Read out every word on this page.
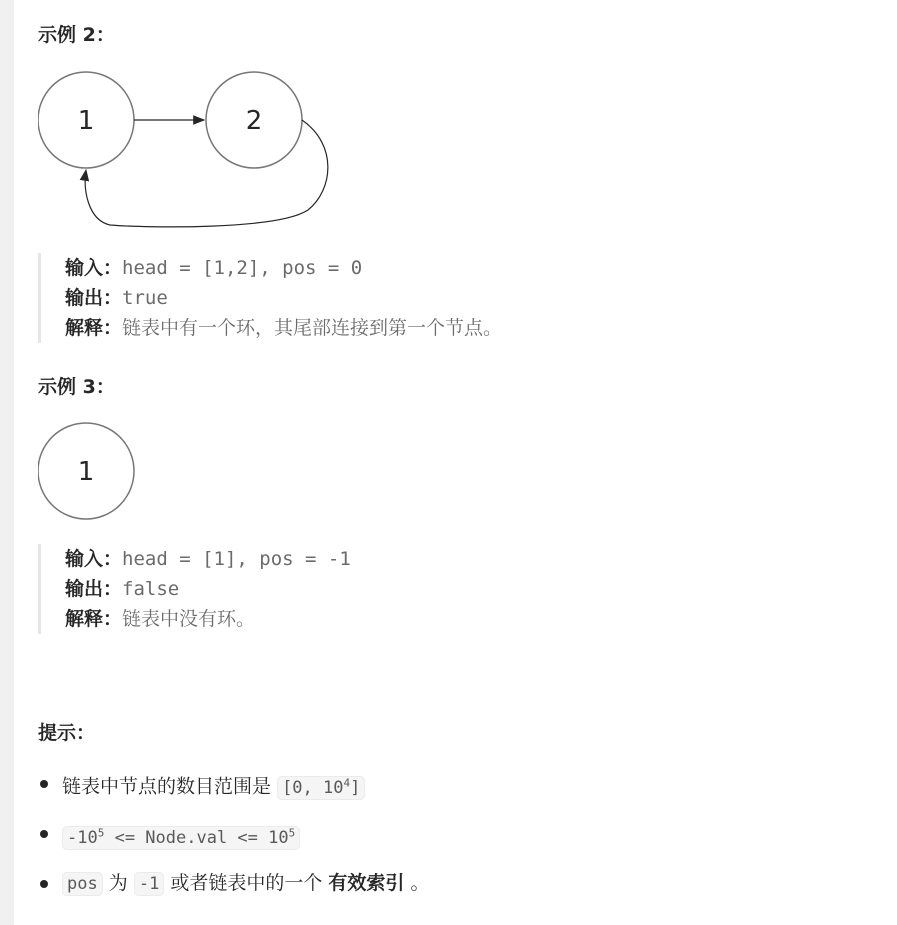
示例 2：
1	2
输入：head = [1,2], pos = 0
输出：true
解释：链表中有一个环，其尾部连接到第一个节点。
示例 3：
1
输入：head = [1], pos = -1
输出：false
解释：链表中没有环。
提示：
链表中节点的数目范围是 [0, $10^4$]
$-10^5$ <= Node.val <= $10^5$
pos 为 -1 或者链表中的一个 有效索引 。
